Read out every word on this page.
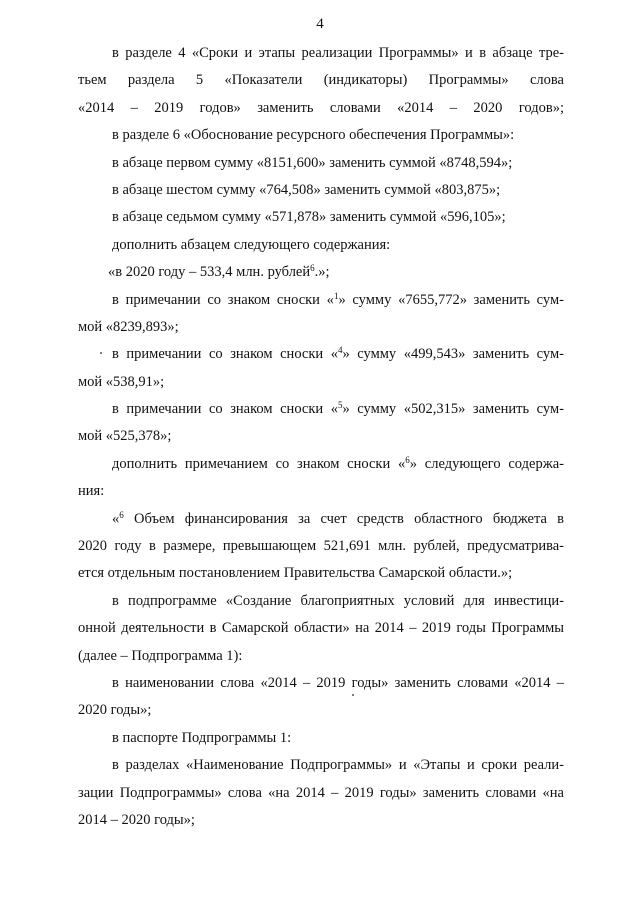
4
в разделе 4 «Сроки и этапы реализации Программы» и в абзаце тре-
тьем раздела 5 «Показатели (индикаторы) Программы» слова
«2014 – 2019 годов» заменить словами «2014 – 2020 годов»;
в разделе 6 «Обоснование ресурсного обеспечения Программы»:
в абзаце первом сумму «8151,600» заменить суммой «8748,594»;
в абзаце шестом сумму «764,508» заменить суммой «803,875»;
в абзаце седьмом сумму «571,878» заменить суммой «596,105»;
дополнить абзацем следующего содержания:
«в 2020 году – 533,4 млн. рублей$^6$.»;
в примечании со знаком сноски «$^1$» сумму «7655,772» заменить сум-
мой «8239,893»;
в примечании со знаком сноски «$^4$» сумму «499,543» заменить сум-
мой «538,91»;
в примечании со знаком сноски «$^5$» сумму «502,315» заменить сум-
мой «525,378»;
дополнить примечанием со знаком сноски «$^6$» следующего содержа-
ния:
«$^6$ Объем финансирования за счет средств областного бюджета в
2020 году в размере, превышающем 521,691 млн. рублей, предусматрива-
ется отдельным постановлением Правительства Самарской области.»;
в подпрограмме «Создание благоприятных условий для инвестици-
онной деятельности в Самарской области» на 2014 – 2019 годы Программы
(далее – Подпрограмма 1):
в наименовании слова «2014 – 2019 годы» заменить словами «2014 –
2020 годы»;
в паспорте Подпрограммы 1:
в разделах «Наименование Подпрограммы» и «Этапы и сроки реали-
зации Подпрограммы» слова «на 2014 – 2019 годы» заменить словами «на
2014 – 2020 годы»;
